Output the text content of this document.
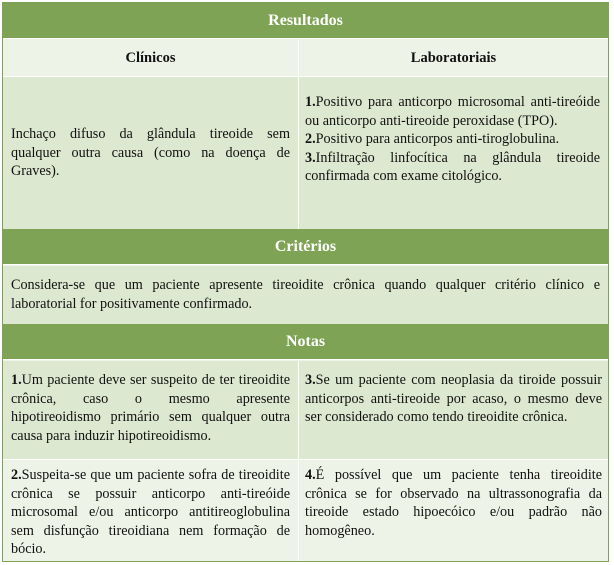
Resultados
Clínicos	Laboratoriais
Inchaço difuso da glândula tireoide sem qualquer outra causa (como na doença de Graves).
1.Positivo para anticorpo microsomal anti-tireóide ou anticorpo anti-tireoide peroxidase (TPO).
2.Positivo para anticorpos anti-tiroglobulina.
3.Infiltração linfocítica na glândula tireoide confirmada com exame citológico.
Critérios
Considera-se que um paciente apresente tireoidite crônica quando qualquer critério clínico e laboratorial for positivamente confirmado.
Notas
1.Um paciente deve ser suspeito de ter tireoidite crônica, caso o mesmo apresente hipotireoidismo primário sem qualquer outra causa para induzir hipotireoidismo.
3.Se um paciente com neoplasia da tiroide possuir anticorpos anti-tireoide por acaso, o mesmo deve ser considerado como tendo tireoidite crônica.
2.Suspeita-se que um paciente sofra de tireoidite crônica se possuir anticorpo anti-tireóide microsomal e/ou anticorpo antitireoglobulina sem disfunção tireoidiana nem formação de bócio.
4.É possível que um paciente tenha tireoidite crônica se for observado na ultrassonografia da tireoide estado hipoecóico e/ou padrão não homogêneo.
